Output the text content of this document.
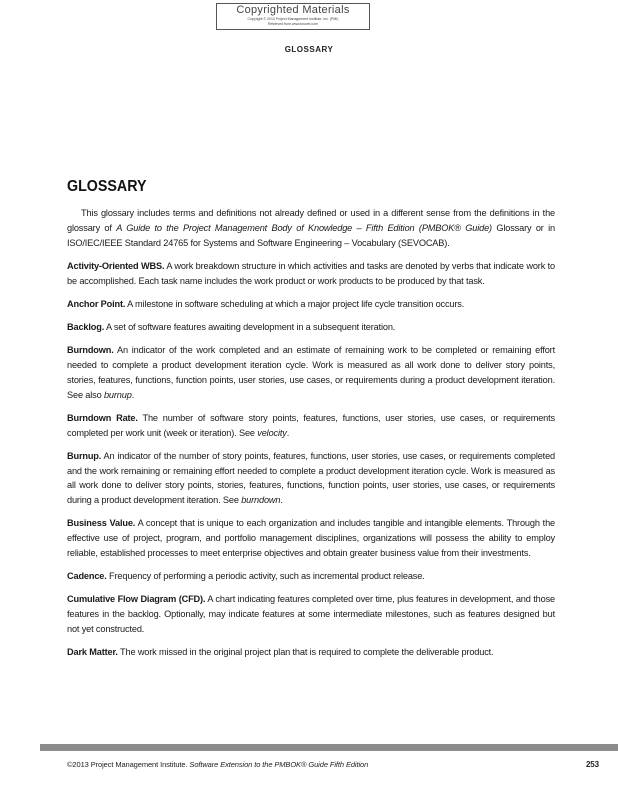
Copyrighted Materials
Copyright © 2013 Project Management Institute, Inc. (PMI)
Retrieved from www.knovel.com
GLOSSARY
GLOSSARY

This glossary includes terms and definitions not already defined or used in a different sense from the definitions in the glossary of A Guide to the Project Management Body of Knowledge – Fifth Edition (PMBOK® Guide) Glossary or in ISO/IEC/IEEE Standard 24765 for Systems and Software Engineering – Vocabulary (SEVOCAB).

Activity-Oriented WBS. A work breakdown structure in which activities and tasks are denoted by verbs that indicate work to be accomplished. Each task name includes the work product or work products to be produced by that task.

Anchor Point. A milestone in software scheduling at which a major project life cycle transition occurs.

Backlog. A set of software features awaiting development in a subsequent iteration.

Burndown. An indicator of the work completed and an estimate of remaining work to be completed or remaining effort needed to complete a product development iteration cycle. Work is measured as all work done to deliver story points, stories, features, functions, function points, user stories, use cases, or requirements during a product development iteration. See also burnup.

Burndown Rate. The number of software story points, features, functions, user stories, use cases, or requirements completed per work unit (week or iteration). See velocity.

Burnup. An indicator of the number of story points, features, functions, user stories, use cases, or requirements completed and the work remaining or remaining effort needed to complete a product development iteration cycle. Work is measured as all work done to deliver story points, stories, features, functions, function points, user stories, use cases, or requirements during a product development iteration. See burndown.

Business Value. A concept that is unique to each organization and includes tangible and intangible elements. Through the effective use of project, program, and portfolio management disciplines, organizations will possess the ability to employ reliable, established processes to meet enterprise objectives and obtain greater business value from their investments.

Cadence. Frequency of performing a periodic activity, such as incremental product release.

Cumulative Flow Diagram (CFD). A chart indicating features completed over time, plus features in development, and those features in the backlog. Optionally, may indicate features at some intermediate milestones, such as features designed but not yet constructed.

Dark Matter. The work missed in the original project plan that is required to complete the deliverable product.

©2013 Project Management Institute. Software Extension to the PMBOK® Guide Fifth Edition	253
